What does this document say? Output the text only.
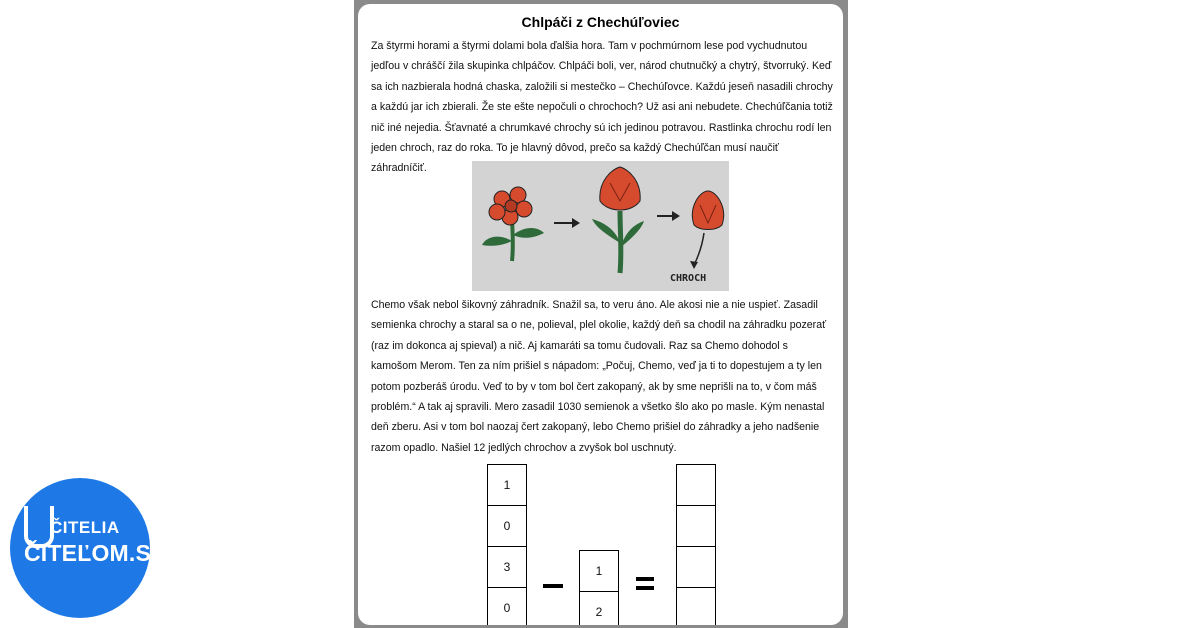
Chlpáči z Chechúľoviec
Za štyrmi horami a štyrmi dolami bola ďalšia hora. Tam v pochmúrnom lese pod vychudnutou jedľou v chráščí žila skupinka chlpáčov. Chlpáči boli, ver, národ chutnučký a chytrý, štvorruký. Keď sa ich nazbierala hodná chaska, založili si mestečko – Chechúľovce. Každú jeseň nasadili chrochy a každú jar ich zbierali. Že ste ešte nepočuli o chrochoch? Už asi ani nebudete. Chechúľčania totiž nič iné nejedia. Šťavnaté a chrumkavé chrochy sú ich jedinou potravou. Rastlinka chrochu rodí len jeden chroch, raz do roka. To je hlavný dôvod, prečo sa každý Chechúľčan musí naučiť záhradníčiť.
CHROCH
Chemo však nebol šikovný záhradník. Snažil sa, to veru áno. Ale akosi nie a nie uspieť. Zasadil semienka chrochy a staral sa o ne, polieval, plel okolie, každý deň sa chodil na záhradku pozerať (raz im dokonca aj spieval) a nič. Aj kamaráti sa tomu čudovali. Raz sa Chemo dohodol s kamošom Merom. Ten za ním prišiel s nápadom: „Počuj, Chemo, veď ja ti to dopestujem a ty len potom pozberáš úrodu. Veď to by v tom bol čert zakopaný, ak by sme neprišli na to, v čom máš problém.“ A tak aj spravili. Mero zasadil 1030 semienok a všetko šlo ako po masle. Kým nenastal deň zberu. Asi v tom bol naozaj čert zakopaný, lebo Chemo prišiel do záhradky a jeho nadšenie razom opadlo. Našiel 12 jedlých chrochov a zvyšok bol uschnutý.
1
0
3
0
1
2
ČITELIA
ČITEĽOM.SK
